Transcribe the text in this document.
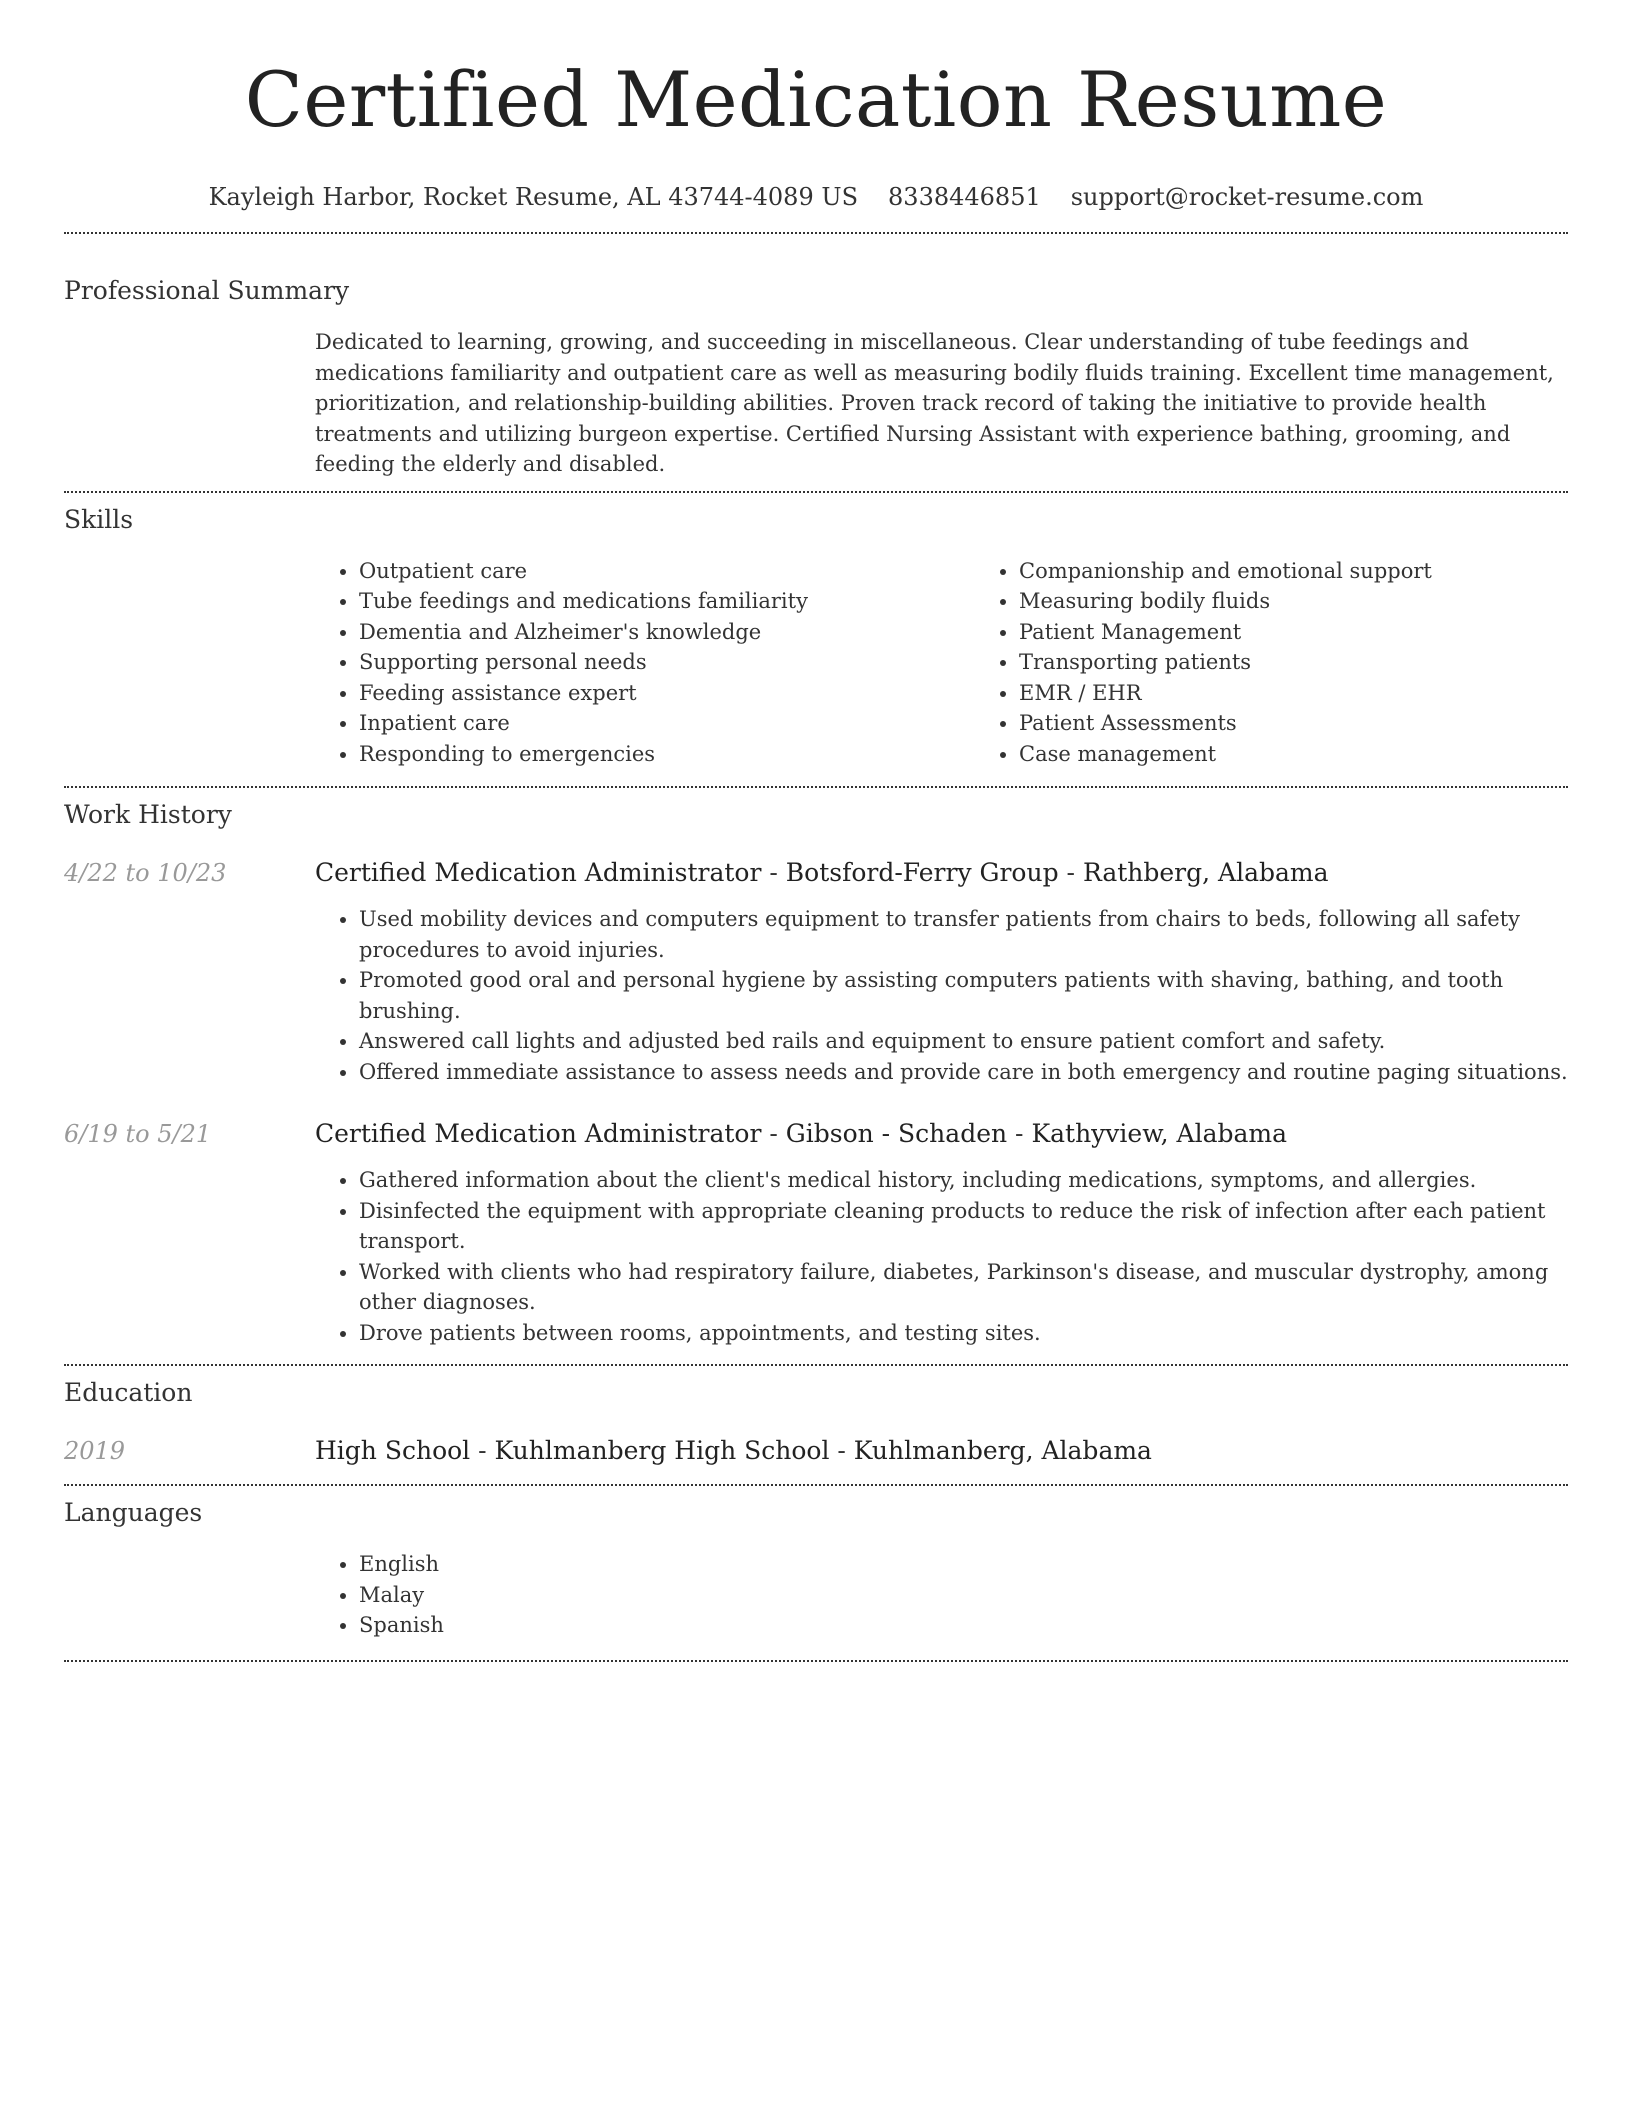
Certified Medication Resume
Kayleigh Harbor, Rocket Resume, AL 43744-4089 US 8338446851 support@rocket-resume.com
Professional Summary

Dedicated to learning, growing, and succeeding in miscellaneous. Clear understanding of tube feedings and medications familiarity and outpatient care as well as measuring bodily fluids training. Excellent time management, prioritization, and relationship-building abilities. Proven track record of taking the initiative to provide health treatments and utilizing burgeon expertise. Certified Nursing Assistant with experience bathing, grooming, and feeding the elderly and disabled.

Skills
• Outpatient care
• Tube feedings and medications familiarity
• Dementia and Alzheimer's knowledge
• Supporting personal needs
• Feeding assistance expert
• Inpatient care
• Responding to emergencies
• Companionship and emotional support
• Measuring bodily fluids
• Patient Management
• Transporting patients
• EMR / EHR
• Patient Assessments
• Case management
Work History
4/22 to 10/23	Certified Medication Administrator - Botsford-Ferry Group - Rathberg, Alabama
• Used mobility devices and computers equipment to transfer patients from chairs to beds, following all safety procedures to avoid injuries.
• Promoted good oral and personal hygiene by assisting computers patients with shaving, bathing, and tooth brushing.
• Answered call lights and adjusted bed rails and equipment to ensure patient comfort and safety.
• Offered immediate assistance to assess needs and provide care in both emergency and routine paging situations.
6/19 to 5/21	Certified Medication Administrator - Gibson - Schaden - Kathyview, Alabama
• Gathered information about the client's medical history, including medications, symptoms, and allergies.
• Disinfected the equipment with appropriate cleaning products to reduce the risk of infection after each patient transport.
• Worked with clients who had respiratory failure, diabetes, Parkinson's disease, and muscular dystrophy, among other diagnoses.
• Drove patients between rooms, appointments, and testing sites.
Education
2019	High School - Kuhlmanberg High School - Kuhlmanberg, Alabama
Languages
• English
• Malay
• Spanish
